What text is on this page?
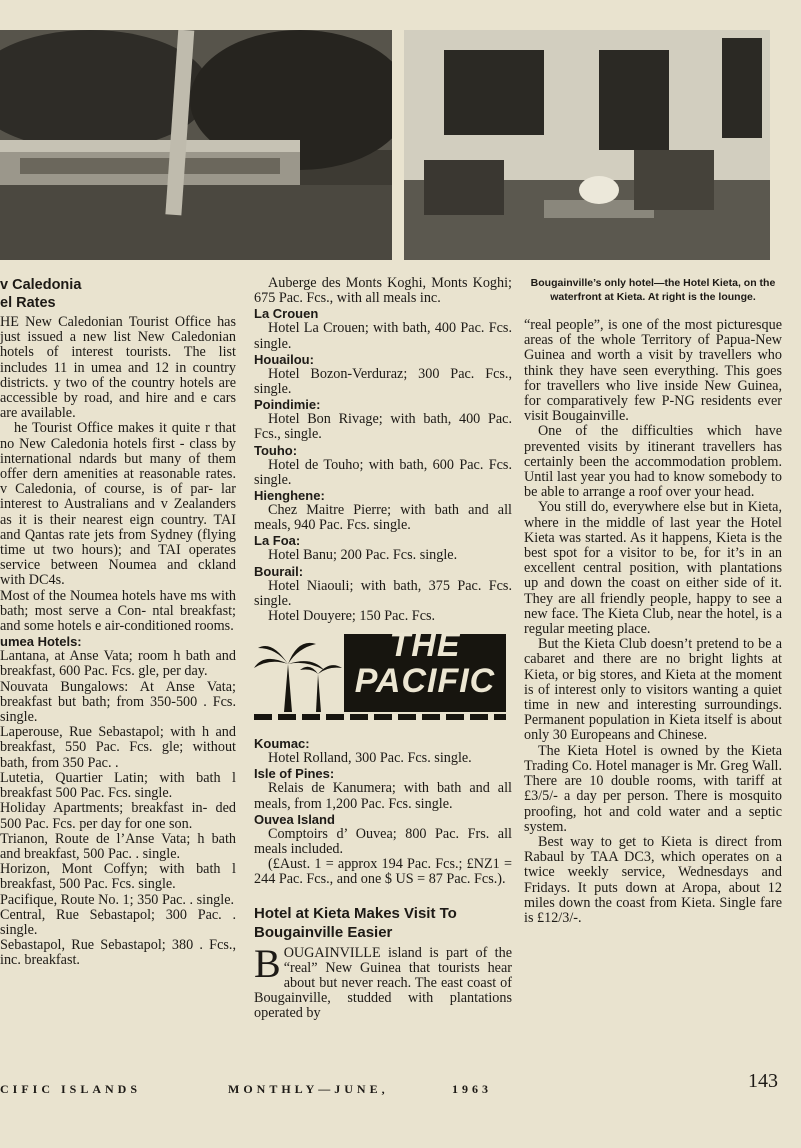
v Caledonia
el Rates

HE New Caledonian Tourist Office has just issued a new list New Caledonian hotels of interest tourists. The list includes 11 in umea and 12 in country districts. y two of the country hotels are accessible by road, and hire and e cars are available.

he Tourist Office makes it quite r that no New Caledonia hotels first - class by international ndards but many of them offer dern amenities at reasonable rates. v Caledonia, of course, is of par- lar interest to Australians and v Zealanders as it is their nearest eign country. TAI and Qantas rate jets from Sydney (flying time ut two hours); and TAI operates service between Noumea and ckland with DC4s.

Most of the Noumea hotels have ms with bath; most serve a Con- ntal breakfast; and some hotels e air-conditioned rooms.

umea Hotels:

Lantana, at Anse Vata; room h bath and breakfast, 600 Pac. Fcs. gle, per day.

Nouvata Bungalows: At Anse Vata; breakfast but bath; from 350-500 . Fcs. single.

Laperouse, Rue Sebastapol; with h and breakfast, 550 Pac. Fcs. gle; without bath, from 350 Pac. .

Lutetia, Quartier Latin; with bath l breakfast 500 Pac. Fcs. single.

Holiday Apartments; breakfast in- ded 500 Pac. Fcs. per day for one son.

Trianon, Route de l’Anse Vata; h bath and breakfast, 500 Pac. . single.

Horizon, Mont Coffyn; with bath l breakfast, 500 Pac. Fcs. single.

Pacifique, Route No. 1; 350 Pac. . single.

Central, Rue Sebastapol; 300 Pac. . single.

Sebastapol, Rue Sebastapol; 380 . Fcs., inc. breakfast.

Auberge des Monts Koghi, Monts Koghi; 675 Pac. Fcs., with all meals inc.

La Crouen

Hotel La Crouen; with bath, 400 Pac. Fcs. single.

Houailou:

Hotel Bozon-Verduraz; 300 Pac. Fcs., single.

Poindimie:

Hotel Bon Rivage; with bath, 400 Pac. Fcs., single.

Touho:

Hotel de Touho; with bath, 600 Pac. Fcs. single.

Hienghene:

Chez Maitre Pierre; with bath and all meals, 940 Pac. Fcs. single.

La Foa:

Hotel Banu; 200 Pac. Fcs. single.

Bourail:

Hotel Niaouli; with bath, 375 Pac. Fcs. single.

Hotel Douyere; 150 Pac. Fcs.

THE
PACIFIC
Koumac:

Hotel Rolland, 300 Pac. Fcs. single.

Isle of Pines:

Relais de Kanumera; with bath and all meals, from 1,200 Pac. Fcs. single.

Ouvea Island

Comptoirs d’ Ouvea; 800 Pac. Frs. all meals included.

(£Aust. 1 = approx 194 Pac. Fcs.; £NZ1 = 244 Pac. Fcs., and one $ US = 87 Pac. Fcs.).

Hotel at Kieta Makes Visit To Bougainville Easier

BOUGAINVILLE island is part of the “real” New Guinea that tourists hear about but never reach. The east coast of Bougainville, studded with plantations operated by

Bougainville’s only hotel—the Hotel Kieta, on the waterfront at Kieta. At right is the lounge.

“real people”, is one of the most picturesque areas of the whole Territory of Papua-New Guinea and worth a visit by travellers who think they have seen everything. This goes for travellers who live inside New Guinea, for comparatively few P-NG residents ever visit Bougainville.

One of the difficulties which have prevented visits by itinerant travellers has certainly been the accommodation problem. Until last year you had to know somebody to be able to arrange a roof over your head.

You still do, everywhere else but in Kieta, where in the middle of last year the Hotel Kieta was started. As it happens, Kieta is the best spot for a visitor to be, for it’s in an excellent central position, with plantations up and down the coast on either side of it. They are all friendly people, happy to see a new face. The Kieta Club, near the hotel, is a regular meeting place.

But the Kieta Club doesn’t pretend to be a cabaret and there are no bright lights at Kieta, or big stores, and Kieta at the moment is of interest only to visitors wanting a quiet time in new and interesting surroundings. Permanent population in Kieta itself is about only 30 Europeans and Chinese.

The Kieta Hotel is owned by the Kieta Trading Co. Hotel manager is Mr. Greg Wall. There are 10 double rooms, with tariff at £3/5/- a day per person. There is mosquito proofing, hot and cold water and a septic system.

Best way to get to Kieta is direct from Rabaul by TAA DC3, which operates on a twice weekly service, Wednesdays and Fridays. It puts down at Aropa, about 12 miles down the coast from Kieta. Single fare is £12/3/-.

CIFIC ISLANDS	MONTHLY—JUNE,	1963	143
